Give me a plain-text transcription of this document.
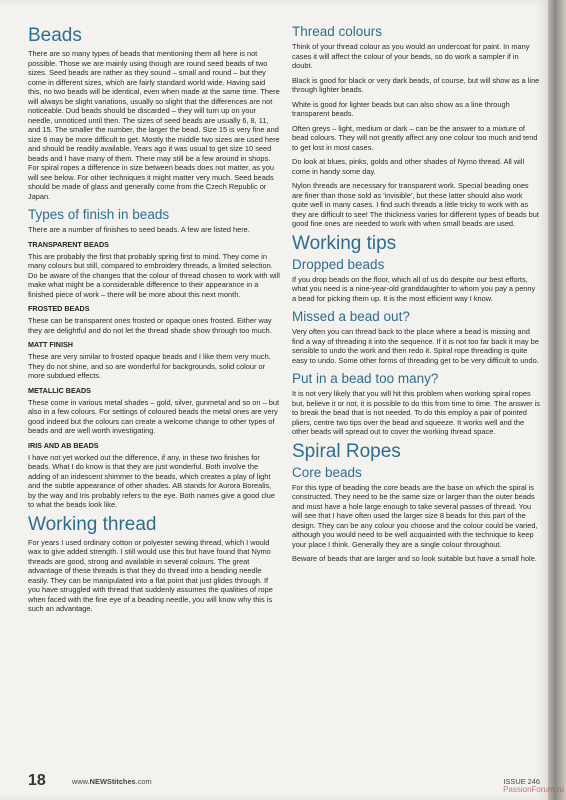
Beads

There are so many types of beads that mentioning them all here is not possible. Those we are mainly using though are round seed beads of two sizes. Seed beads are rather as they sound – small and round – but they come in different sizes, which are fairly standard world wide. Having said this, no two beads will be identical, even when made at the same time. There will always be slight variations, usually so slight that the differences are not noticeable. Dud beads should be discarded – they will turn up on your needle, unnoticed until then. The sizes of seed beads are usually 6, 8, 11, and 15. The smaller the number, the larger the bead. Size 15 is very fine and size 6 may be more difficult to get. Mostly the middle two sizes are used here and should be readily available. Years ago it was usual to get size 10 seed beads and I have many of them. There may still be a few around in shops. For spiral ropes a difference in size between beads does not matter, as you will see below. For other techniques it might matter very much. Seed beads should be made of glass and generally come from the Czech Republic or Japan.

Types of finish in beads

There are a number of finishes to seed beads. A few are listed here.

TRANSPARENT BEADS

This are probably the first that probably spring first to mind. They come in many colours but still, compared to embroidery threads, a limited selection. Do be aware of the changes that the colour of thread chosen to work with will make what might be a considerable difference to their appearance in a finished piece of work – there will be more about this next month.

FROSTED BEADS

These can be transparent ones frosted or opaque ones frosted. Either way they are delightful and do not let the thread shade show through too much.

MATT FINISH

These are very similar to frosted opaque beads and I like them very much. They do not shine, and so are wonderful for backgrounds, solid colour or more subdued effects.

METALLIC BEADS

These come in various metal shades – gold, silver, gunmetal and so on – but also in a few colours. For settings of coloured beads the metal ones are very good indeed but the colours can create a welcome change to other types of beads and are well worth investigating.

IRIS AND AB BEADS

I have not yet worked out the difference, if any, in these two finishes for beads. What I do know is that they are just wonderful. Both involve the adding of an iridescent shimmer to the beads, which creates a play of light and the subtle appearance of other shades. AB stands for Aurora Borealis, by the way and Iris probably refers to the eye. Both names give a good clue to what the beads look like.

Working thread

For years I used ordinary cotton or polyester sewing thread, which I would wax to give added strength. I still would use this but have found that Nymo threads are good, strong and available in several colours. The great advantage of these threads is that they do thread into a beading needle easily. They can be manipulated into a flat point that just glides through. If you have struggled with thread that suddenly assumes the qualities of rope when faced with the fine eye of a beading needle, you will know why this is such an advantage.

Thread colours

Think of your thread colour as you would an undercoat for paint. In many cases it will affect the colour of your beads, so do work a sampler if in doubt.

Black is good for black or very dark beads, of course, but will show as a line through lighter beads.

White is good for lighter beads but can also show as a line through transparent beads.

Often greys – light, medium or dark – can be the answer to a mixture of bead colours. They will not greatly affect any one colour too much and tend to get lost in most cases.

Do look at blues, pinks, golds and other shades of Nymo thread. All will come in handy some day.

Nylon threads are necessary for transparent work. Special beading ones are finer than those sold as 'invisible', but these latter should also work quite well in many cases. I find such threads a little tricky to work with as they are difficult to see! The thickness varies for different types of beads but good fine ones are needed to work with when small beads are used.

Working tips
Dropped beads

If you drop beads on the floor, which all of us do despite our best efforts, what you need is a nine-year-old granddaughter to whom you pay a penny a bead for picking them up. It is the most efficient way I know.

Missed a bead out?

Very often you can thread back to the place where a bead is missing and find a way of threading it into the sequence. If it is not too far back it may be sensible to undo the work and then redo it. Spiral rope threading is quite easy to undo. Some other forms of threading get to be very difficult to undo.

Put in a bead too many?

It is not very likely that you will hit this problem when working spiral ropes but, believe it or not, it is possible to do this from time to time. The answer is to break the bead that is not needed. To do this employ a pair of pointed pliers, centre two tips over the bead and squeeze. It works well and the other beads will spread out to cover the working thread space.

Spiral Ropes
Core beads

For this type of beading the core beads are the base on which the spiral is constructed. They need to be the same size or larger than the outer beads and must have a hole large enough to take several passes of thread. You will see that I have often used the larger size 8 beads for this part of the design. They can be any colour you choose and the colour could be varied, although you would need to be well acquainted with the technique to keep your place I think. Generally they are a single colour throughout.

Beware of beads that are larger and so look suitable but have a small hole.

18	www.NEWStitches.com	ISSUE 246
PassionForum.ru
